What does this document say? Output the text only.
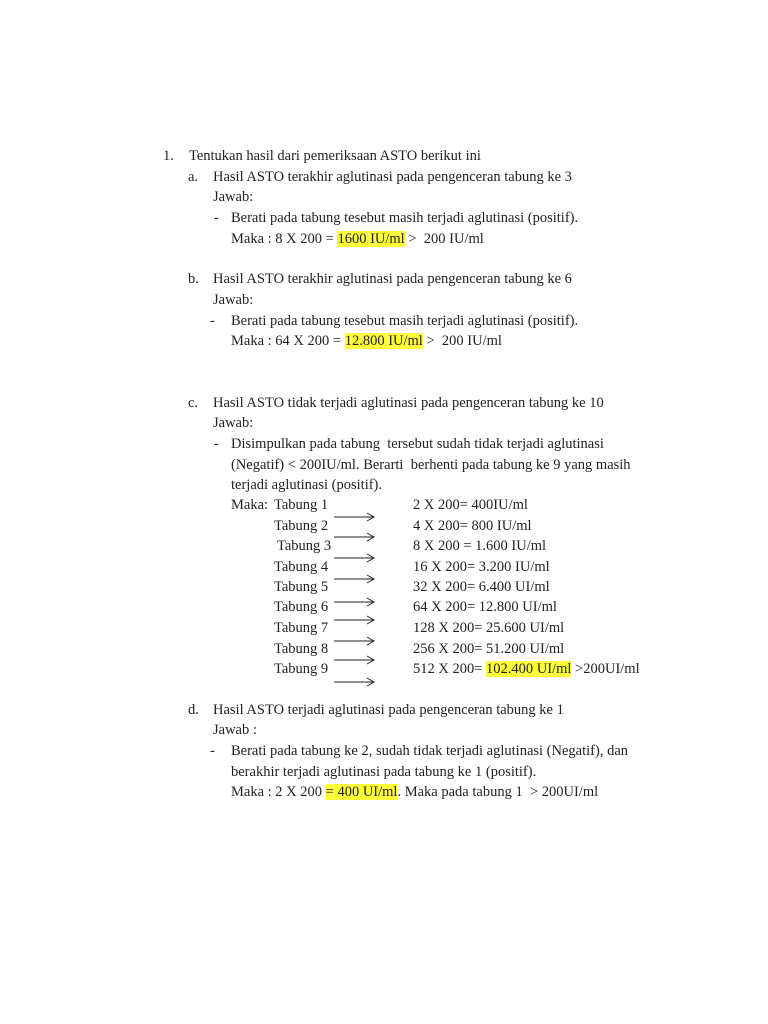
1. Tentukan hasil dari pemeriksaan ASTO berikut ini
a. Hasil ASTO terakhir aglutinasi pada pengenceran tabung ke 3
Jawab:
- Berati pada tabung tesebut masih terjadi aglutinasi (positif).
Maka : 8 X 200 = 1600 IU/ml >  200 IU/ml
b. Hasil ASTO terakhir aglutinasi pada pengenceran tabung ke 6
Jawab:
- Berati pada tabung tesebut masih terjadi aglutinasi (positif).
Maka : 64 X 200 = 12.800 IU/ml >  200 IU/ml
c. Hasil ASTO tidak terjadi aglutinasi pada pengenceran tabung ke 10
Jawab:
- Disimpulkan pada tabung  tersebut sudah tidak terjadi aglutinasi
(Negatif) < 200IU/ml. Berarti  berhenti pada tabung ke 9 yang masih
terjadi aglutinasi (positif).
Maka: Tabung 1	2 X 200= 400IU/ml
Tabung 2	4 X 200= 800 IU/ml
Tabung 3	8 X 200 = 1.600 IU/ml
Tabung 4	16 X 200= 3.200 IU/ml
Tabung 5	32 X 200= 6.400 UI/ml
Tabung 6	64 X 200= 12.800 UI/ml
Tabung 7	128 X 200= 25.600 UI/ml
Tabung 8	256 X 200= 51.200 UI/ml
Tabung 9	512 X 200= 102.400 UI/ml >200UI/ml
d. Hasil ASTO terjadi aglutinasi pada pengenceran tabung ke 1
Jawab :
- Berati pada tabung ke 2, sudah tidak terjadi aglutinasi (Negatif), dan
berakhir terjadi aglutinasi pada tabung ke 1 (positif).
Maka : 2 X 200 = 400 UI/ml. Maka pada tabung 1  > 200UI/ml
